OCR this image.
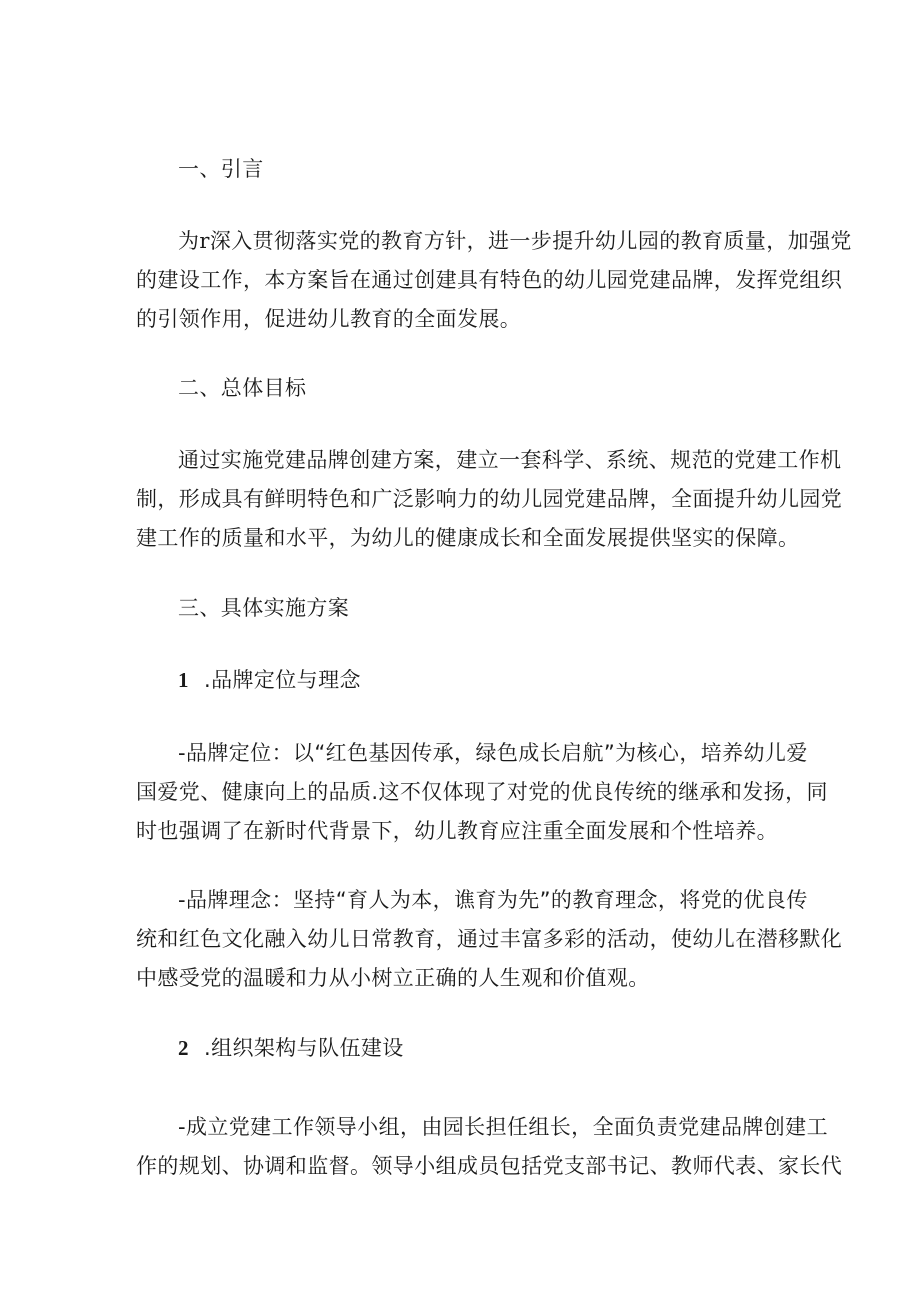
一、引言
为r深入贯彻落实党的教育方针，进一步提升幼儿园的教育质量，加强党
的建设工作，本方案旨在通过创建具有特色的幼儿园党建品牌，发挥党组织
的引领作用，促进幼儿教育的全面发展。
二、总体目标
通过实施党建品牌创建方案，建立一套科学、系统、规范的党建工作机
制，形成具有鲜明特色和广泛影响力的幼儿园党建品牌，全面提升幼儿园党
建工作的质量和水平，为幼儿的健康成长和全面发展提供坚实的保障。
三、具体实施方案
1 .品牌定位与理念
-品牌定位：以“红色基因传承，绿色成长启航”为核心，培养幼儿爱
国爱党、健康向上的品质.这不仅体现了对党的优良传统的继承和发扬，同
时也强调了在新时代背景下，幼儿教育应注重全面发展和个性培养。
-品牌理念：坚持“育人为本，谯育为先”的教育理念，将党的优良传
统和红色文化融入幼儿日常教育，通过丰富多彩的活动，使幼儿在潜移默化
中感受党的温暖和力从小树立正确的人生观和价值观。
2 .组织架构与队伍建设
-成立党建工作领导小组，由园长担任组长，全面负责党建品牌创建工
作的规划、协调和监督。领导小组成员包括党支部书记、教师代表、家长代
